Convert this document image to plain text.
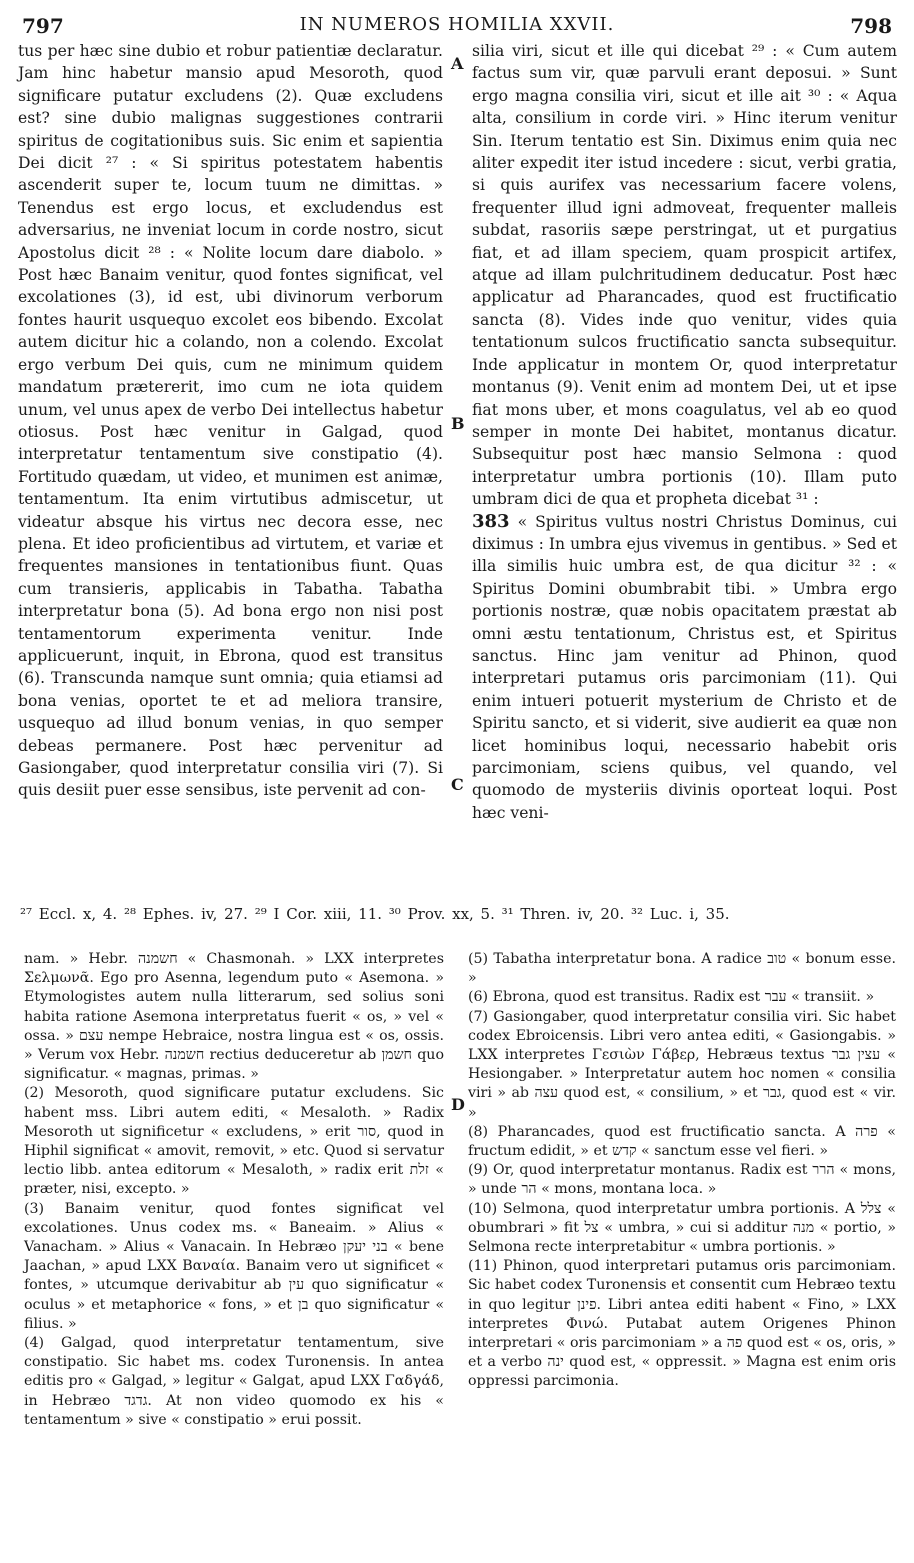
797	IN NUMEROS HOMILIA XXVII.	798

tus per hæc sine dubio et robur patientiæ declaratur. Jam hinc habetur mansio apud Mesoroth, quod significare putatur excludens (2). Quæ excludens est? sine dubio malignas suggestiones contrarii spiritus de cogitationibus suis. Sic enim et sapientia Dei dicit ²⁷ : « Si spiritus potestatem habentis ascenderit super te, locum tuum ne dimittas. » Tenendus est ergo locus, et excludendus est adversarius, ne inveniat locum in corde nostro, sicut Apostolus dicit ²⁸ : « Nolite locum dare diabolo. » Post hæc Banaim venitur, quod fontes significat, vel excolationes (3), id est, ubi divinorum verborum fontes haurit usquequo excolet eos bibendo. Excolat autem dicitur hic a colando, non a colendo. Excolat ergo verbum Dei quis, cum ne minimum quidem mandatum prætererit, imo cum ne iota quidem unum, vel unus apex de verbo Dei intellectus habetur otiosus. Post hæc venitur in Galgad, quod interpretatur tentamentum sive constipatio (4). Fortitudo quædam, ut video, et munimen est animæ, tentamentum. Ita enim virtutibus admiscetur, ut videatur absque his virtus nec decora esse, nec plena. Et ideo proficientibus ad virtutem, et variæ et frequentes mansiones in tentationibus fiunt. Quas cum transieris, applicabis in Tabatha. Tabatha interpretatur bona (5). Ad bona ergo non nisi post tentamentorum experimenta venitur. Inde applicuerunt, inquit, in Ebrona, quod est transitus (6). Transcunda namque sunt omnia; quia etiamsi ad bona venias, oportet te et ad meliora transire, usquequo ad illud bonum venias, in quo semper debeas permanere. Post hæc pervenitur ad Gasiongaber, quod interpretatur consilia viri (7). Si quis desiit puer esse sensibus, iste pervenit ad con-

A
B
C
D

silia viri, sicut et ille qui dicebat ²⁹ : « Cum autem factus sum vir, quæ parvuli erant deposui. » Sunt ergo magna consilia viri, sicut et ille ait ³⁰ : « Aqua alta, consilium in corde viri. » Hinc iterum venitur Sin. Iterum tentatio est Sin. Diximus enim quia nec aliter expedit iter istud incedere : sicut, verbi gratia, si quis aurifex vas necessarium facere volens, frequenter illud igni admoveat, frequenter malleis subdat, rasoriis sæpe perstringat, ut et purgatius fiat, et ad illam speciem, quam prospicit artifex, atque ad illam pulchritudinem deducatur. Post hæc applicatur ad Pharancades, quod est fructificatio sancta (8). Vides inde quo venitur, vides quia tentationum sulcos fructificatio sancta subsequitur. Inde applicatur in montem Or, quod interpretatur montanus (9). Venit enim ad montem Dei, ut et ipse fiat mons uber, et mons coagulatus, vel ab eo quod semper in monte Dei habitet, montanus dicatur. Subsequitur post hæc mansio Selmona : quod interpretatur umbra portionis (10). Illam puto umbram dici de qua et propheta dicebat ³¹ :

383 « Spiritus vultus nostri Christus Dominus, cui diximus : In umbra ejus vivemus in gentibus. » Sed et illa similis huic umbra est, de qua dicitur ³² : « Spiritus Domini obumbrabit tibi. » Umbra ergo portionis nostræ, quæ nobis opacitatem præstat ab omni æstu tentationum, Christus est, et Spiritus sanctus. Hinc jam venitur ad Phinon, quod interpretari putamus oris parcimoniam (11). Qui enim intueri potuerit mysterium de Christo et de Spiritu sancto, et si viderit, sive audierit ea quæ non licet hominibus loqui, necessario habebit oris parcimoniam, sciens quibus, vel quando, vel quomodo de mysteriis divinis oporteat loqui. Post hæc veni-

²⁷ Eccl. x, 4. ²⁸ Ephes. iv, 27. ²⁹ I Cor. xiii, 11. ³⁰ Prov. xx, 5. ³¹ Thren. iv, 20. ³² Luc. i, 35.

nam. » Hebr. חשמנה « Chasmonah. » LXX interpretes Σελμωνᾶ. Ego pro Asenna, legendum puto « Asemona. » Etymologistes autem nulla litterarum, sed solius soni habita ratione Asemona interpretatus fuerit « os, » vel « ossa. » עצם nempe Hebraice, nostra lingua est « os, ossis. » Verum vox Hebr. חשמנה rectius deduceretur ab חשמן quo significatur. « magnas, primas. »

(2) Mesoroth, quod significare putatur excludens. Sic habent mss. Libri autem editi, « Mesaloth. » Radix Mesoroth ut significetur « excludens, » erit סור, quod in Hiphil significat « amovit, removit, » etc. Quod si servatur lectio libb. antea editorum « Mesaloth, » radix erit זלת « præter, nisi, excepto. »

(3) Banaim venitur, quod fontes significat vel excolationes. Unus codex ms. « Baneaim. » Alius « Vanacham. » Alius « Vanacain. In Hebræo בני יעקן « bene Jaachan, » apud LXX Βαναία. Banaim vero ut significet « fontes, » utcumque derivabitur ab עין quo significatur « oculus » et metaphorice « fons, » et בן quo significatur « filius. »

(4) Galgad, quod interpretatur tentamentum, sive constipatio. Sic habet ms. codex Turonensis. In antea editis pro « Galgad, » legitur « Galgat, apud LXX Γαδγάδ, in Hebræo גדגד. At non video quomodo ex his « tentamentum » sive « constipatio » erui possit.

(5) Tabatha interpretatur bona. A radice טוב « bonum esse. »

(6) Ebrona, quod est transitus. Radix est עבר « transiit. »

(7) Gasiongaber, quod interpretatur consilia viri. Sic habet codex Ebroicensis. Libri vero antea editi, « Gasiongabis. » LXX interpretes Γεσιὼν Γάβερ, Hebræus textus עצין גבר « Hesiongaber. » Interpretatur autem hoc nomen « consilia viri » ab עצה quod est, « consilium, » et גבר, quod est « vir. »

(8) Pharancades, quod est fructificatio sancta. A פרה « fructum edidit, » et קדש « sanctum esse vel fieri. »

(9) Or, quod interpretatur montanus. Radix est הרר « mons, » unde הר « mons, montana loca. »

(10) Selmona, quod interpretatur umbra portionis. A צלל « obumbrari » fit צל « umbra, » cui si additur מנה « portio, » Selmona recte interpretabitur « umbra portionis. »

(11) Phinon, quod interpretari putamus oris parcimoniam. Sic habet codex Turonensis et consentit cum Hebræo textu in quo legitur פינן. Libri antea editi habent « Fino, » LXX interpretes Φινώ. Putabat autem Origenes Phinon interpretari « oris parcimoniam » a פה quod est « os, oris, » et a verbo ינה quod est, « oppressit. » Magna est enim oris oppressi parcimonia.
